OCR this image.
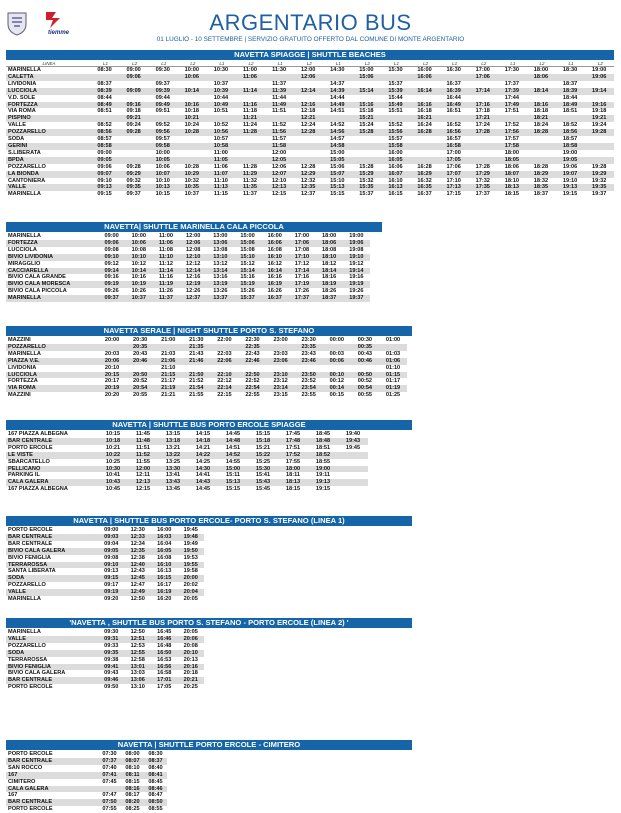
tiemme	ARGENTARIO BUS
01 LUGLIO - 10 SETTEMBRE | SERVIZIO GRATUITO OFFERTO DAL COMUNE DI MONTE ARGENTARIO
NAVETTA SPIAGGE | SHUTTLE BEACHES
LINEA	L1	L2	L1	L2	L1	L2	L1	L2	L1	L2	L1	L2	L1	L2	L1	L2	L1	L2
MARINELLA	08:30	09:00	09:30	10:00	10:30	11:00	11:30	12:00	14:30	15:00	15:30	16:00	16:30	17:00	17:30	18:00	18:30	19:00
CALETTA		09:06		10:06		11:06		12:06		15:06		16:06		17:06		18:06		19:06
LIVIDONIA	08:37		09:37		10:37		11:37		14:37		15:37		16:37		17:37		18:37	
LUCCIOLA	08:39	09:09	09:39	10:14	10:39	11:14	11:39	12:14	14:39	15:14	15:39	16:14	16:39	17:14	17:39	18:14	18:39	19:14
V.D. SOLE	08:44		09:44		10:44		11:44		14:44		15:44		16:44		17:44		18:44	
FORTEZZA	08:49	09:16	09:49	10:16	10:49	11:16	11:49	12:16	14:49	15:16	15:49	16:16	16:49	17:16	17:49	18:16	18:49	19:16
VIA ROMA	08:51	09:18	09:51	10:18	10:51	11:18	11:51	12:18	14:51	15:18	15:51	16:18	16:51	17:18	17:51	18:18	18:51	19:18
PISPINO		09:21		10:21		11:21		12:21		15:21		16:21		17:21		18:21		19:21
VALLE	08:52	09:24	09:52	10:24	10:52	11:24	11:52	12:24	14:52	15:24	15:52	16:24	16:52	17:24	17:52	18:24	18:52	19:24
POZZARELLO	08:56	09:28	09:56	10:28	10:56	11:28	11:56	12:28	14:56	15:28	15:56	16:28	16:56	17:28	17:56	18:28	18:56	19:28
SODA	08:57		09:57		10:57		11:57		14:57		15:57		16:57		17:57		18:57	
GERINI	08:58		09:58		10:58		11:58		14:58		15:58		16:58		17:58		18:58	
S.LIBERATA	09:00		10:00		11:00		12:00		15:00		16:00		17:00		18:00		19:00	
BPDA	09:05		10:05		11:05		12:05		15:05		16:05		17:05		18:05		19:05	
POZZARELLO	09:06	09:28	10:06	10:28	11:06	11:28	12:06	12:28	15:06	15:28	16:06	16:28	17:06	17:28	18:06	18:28	19:06	19:28
LA BIONDA	09:07	09:29	10:07	10:29	11:07	11:29	12:07	12:29	15:07	15:29	16:07	16:29	17:07	17:29	18:07	18:29	19:07	19:29
CANTONIERA	09:10	09:32	10:10	10:32	11:10	11:32	12:10	12:32	15:10	15:32	16:10	16:32	17:10	17:32	18:10	18:32	19:10	19:32
VALLE	09:13	09:35	10:13	10:35	11:13	11:35	12:13	12:35	15:13	15:35	16:13	16:35	17:13	17:35	18:13	18:35	19:13	19:35
MARINELLA	09:15	09:37	10:15	10:37	11:15	11:37	12:15	12:37	15:15	15:37	16:15	16:37	17:15	17:37	18:15	18:37	19:15	19:37
NAVETTA| SHUTTLE MARINELLA CALA PICCOLA
MARINELLA	09:00	10:00	11:00	12:00	13:00	15:00	16:00	17:00	18:00	19:00
FORTEZZA	09:06	10:06	11:06	12:06	13:06	15:06	16:06	17:06	18:06	19:06
LUCCIOLA	09:08	10:08	11:08	12:08	13:08	15:08	16:08	17:08	18:08	19:08
BIVIO LIVIDONIA	09:10	10:10	11:10	12:10	13:10	15:10	16:10	17:10	18:10	19:10
MIRAGGLIO	09:12	10:12	11:12	12:12	13:12	15:12	16:12	17:12	18:12	19:12
CACCIARELLA	09:14	10:14	11:14	12:14	13:14	15:14	16:14	17:14	18:14	19:14
BIVIO CALA GRANDE	09:16	10:16	11:16	12:16	13:16	15:16	16:16	17:16	18:16	19:16
BIVIO CALA MORESCA	09:19	10:19	11:19	12:19	13:19	15:19	16:19	17:19	18:19	19:19
BIVIO CALA PICCOLA	09:26	10:26	11:26	12:26	13:26	15:26	16:26	17:26	18:26	19:26
MARINELLA	09:37	10:37	11:37	12:37	13:37	15:37	16:37	17:37	18:37	19:37
NAVETTA SERALE | NIGHT SHUTTLE PORTO S. STEFANO
MAZZINI	20:00	20:30	21:00	21:30	22:00	22:30	23:00	23:30	00:00	00:30	01:00
POZZARELLO		20:35		21:35		22:35		23:35		00:35	
MARINELLA	20:03	20:43	21:03	21:43	22:03	22:43	23:03	23:43	00:03	00:43	01:03
PIAZZA V.E.	20:06	20:46	21:06	21:46	22:06	22:46	23:06	23:46	00:06	00:46	01:06
LIVIDONIA	20:10		21:10								01:10
LUCCIOLA	20:15	20:50	21:15	21:50	22:10	22:50	23:10	23:50	00:10	00:50	01:15
FORTEZZA	20:17	20:52	21:17	21:52	22:12	22:52	23:12	23:52	00:12	00:52	01:17
VIA ROMA	20:19	20:54	21:19	21:54	22:14	22:54	23:14	23:54	00:14	00:54	01:19
MAZZINI	20:20	20:55	21:21	21:55	22:15	22:55	23:15	23:55	00:15	00:55	01:25
NAVETTA | SHUTTLE BUS PORTO ERCOLE SPIAGGE
167 PIAZZA ALBEGNA	10:15	11:45	13:15	14:15	14:45	15:15	17:45	18:45	19:40
BAR CENTRALE	10:18	11:48	13:18	14:18	14:48	15:18	17:48	18:48	19:43
PORTO ERCOLE	10:21	11:51	13:21	14:21	14:51	15:21	17:51	18:51	19:45
LE VISTE	10:22	11:52	13:22	14:22	14:52	15:22	17:52	18:52	
SBARCATELLO	10:25	11:55	13:25	14:25	14:55	15:25	17:55	18:55	
PELLICANO	10:30	12:00	13:30	14:30	15:00	15:30	18:00	19:00	
PARKING IL	10:41	12:11	13:41	14:41	15:11	15:41	18:11	19:11	
CALA GALERA	10:43	12:13	13:43	14:43	15:13	15:43	18:13	19:13	
167 PIAZZA ALBEGNA	10:45	12:15	13:45	14:45	15:15	15:45	18:15	19:15	
NAVETTA | SHUTTLE BUS PORTO ERCOLE- PORTO S. STEFANO (LINEA 1)
PORTO ERCOLE	09:00	12:30	16:00	19:45
BAR CENTRALE	09:03	12:33	16:03	19:48
BAR CENTRALE	09:04	12:34	16:04	19:49
BIVIO CALA GALERA	09:05	12:35	16:05	19:50
BIVIO FENIGLIA	09:08	12:38	16:08	19:53
TERRAROSSA	09:10	12:40	16:10	19:55
SANTA LIBERATA	09:13	12:43	16:13	19:58
SODA	09:15	12:45	16:15	20:00
POZZARELLO	09:17	12:47	16:17	20:02
VALLE	09:19	12:49	16:19	20:04
MARINELLA	09:20	12:50	16:20	20:05
'NAVETTA , SHUTTLE BUS PORTO S. STEFANO - PORTO ERCOLE (LINEA 2) '
MARINELLA	09:30	12:50	16:45	20:05
VALLE	09:31	12:51	16:46	20:06
POZZARELLO	09:33	12:53	16:48	20:08
SODA	09:35	12:55	16:50	20:10
TERRAROSSA	09:38	12:58	16:53	20:13
BIVIO FENIGLIA	09:41	13:01	16:56	20:16
BIVIO CALA GALERA	09:43	13:03	16:58	20:18
BAR CENTRALE	09:46	13:06	17:01	20:21
PORTO ERCOLE	09:50	13:10	17:05	20:25
NAVETTA | SHUTTLE PORTO ERCOLE - CIMITERO
PORTO ERCOLE	07:30	08:00	08:30
BAR CENTRALE	07:37	08:07	08:37
SAN ROCCO	07:40	08:10	08:40
167	07:41	08:11	08:41
CIMITERO	07:45	08:15	08:45
CALA GALERA		08:16	08:46
167	07:47	08:17	08:47
BAR CENTRALE	07:50	08:20	08:50
PORTO ERCOLE	07:55	08:25	08:55
